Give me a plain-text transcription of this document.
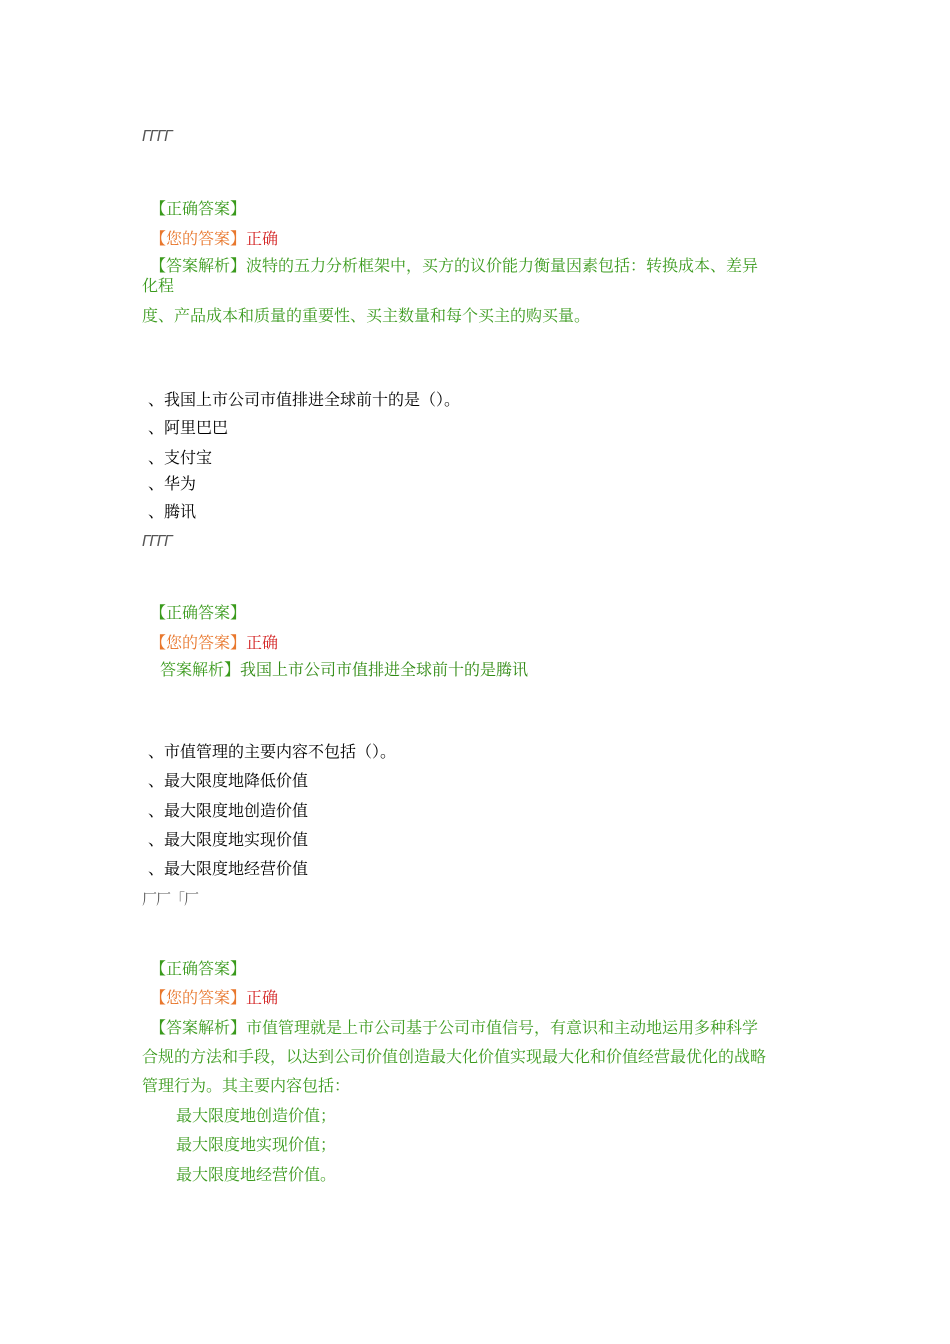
ΓΓΓΓ
【正确答案】
【您的答案】正确
【答案解析】波特的五力分析框架中，买方的议价能力衡量因素包括：转换成本、差异
化程
度、产品成本和质量的重要性、买主数量和每个买主的购买量。
、我国上市公司市值排进全球前十的是（）。
、阿里巴巴
、支付宝
、华为
、腾讯
ΓΓΓΓ
【正确答案】
【您的答案】正确
答案解析】我国上市公司市值排进全球前十的是腾讯
、市值管理的主要内容不包括（）。
、最大限度地降低价值
、最大限度地创造价值
、最大限度地实现价值
、最大限度地经营价值
厂厂「厂
【正确答案】
【您的答案】正确
【答案解析】市值管理就是上市公司基于公司市值信号，有意识和主动地运用多种科学
合规的方法和手段，以达到公司价值创造最大化价值实现最大化和价值经营最优化的战略
管理行为。其主要内容包括：
最大限度地创造价值；
最大限度地实现价值；
最大限度地经营价值。
